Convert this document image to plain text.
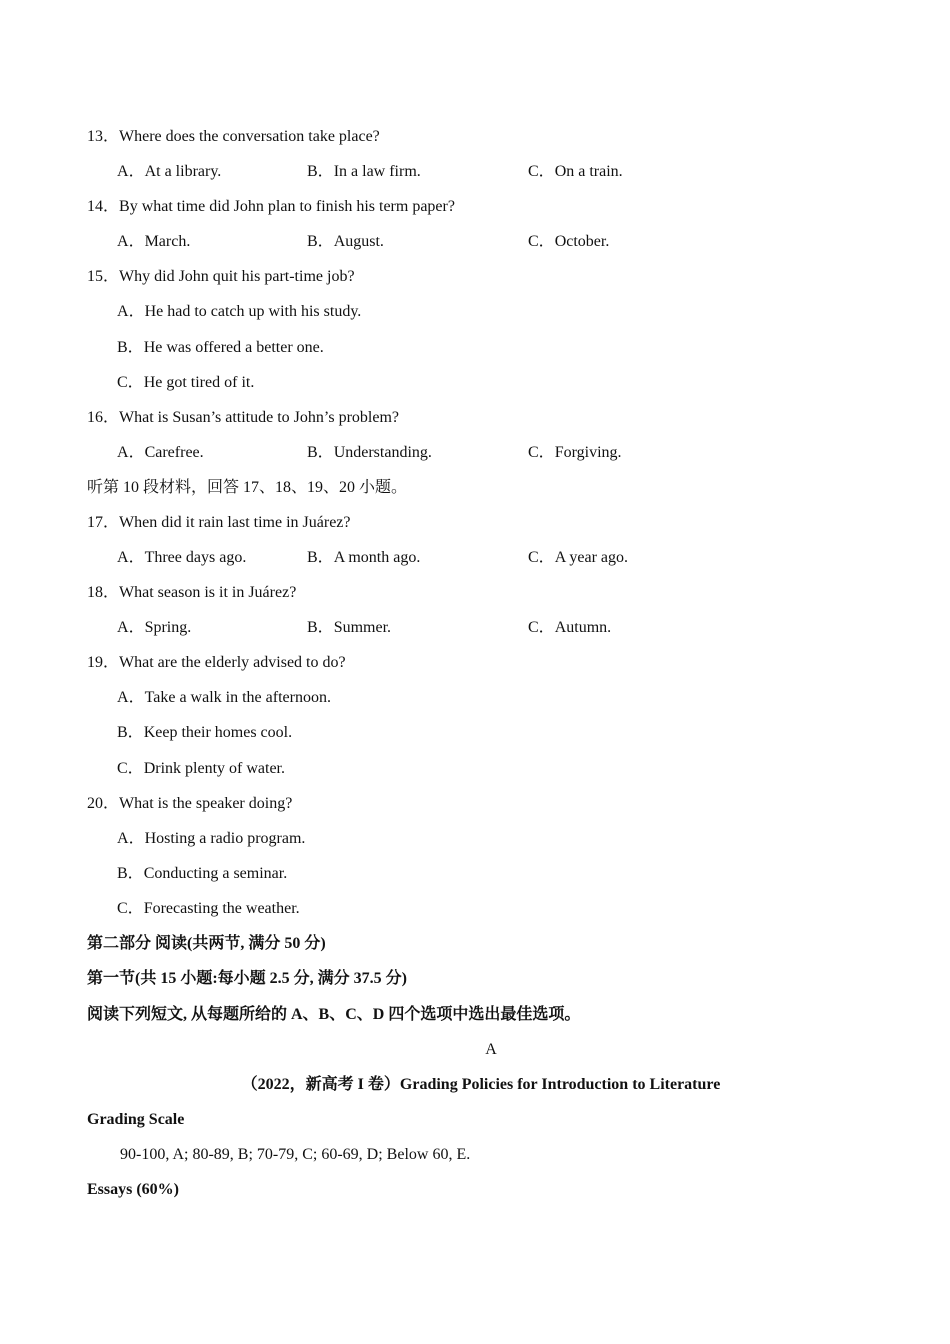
13．Where does the conversation take place?
A．At a library.	B．In a law firm.	C．On a train.
14．By what time did John plan to finish his term paper?
A．March.	B．August.	C．October.
15．Why did John quit his part-time job?
A．He had to catch up with his study.
B．He was offered a better one.
C．He got tired of it.
16．What is Susan’s attitude to John’s problem?
A．Carefree.	B．Understanding.	C．Forgiving.
听第 10 段材料，回答 17、18、19、20 小题。
17．When did it rain last time in Juárez?
A．Three days ago.	B．A month ago.	C．A year ago.
18．What season is it in Juárez?
A．Spring.	B．Summer.	C．Autumn.
19．What are the elderly advised to do?
A．Take a walk in the afternoon.
B．Keep their homes cool.
C．Drink plenty of water.
20．What is the speaker doing?
A．Hosting a radio program.
B．Conducting a seminar.
C．Forecasting the weather.
第二部分 阅读(共两节, 满分 50 分)
第一节(共 15 小题:每小题 2.5 分, 满分 37.5 分)
阅读下列短文, 从每题所给的 A、B、C、D 四个选项中选出最佳选项。
A
（2022，新高考 I 卷）Grading Policies for Introduction to Literature
Grading Scale
90-100, A; 80-89, B; 70-79, C; 60-69, D; Below 60, E.
Essays (60%)
